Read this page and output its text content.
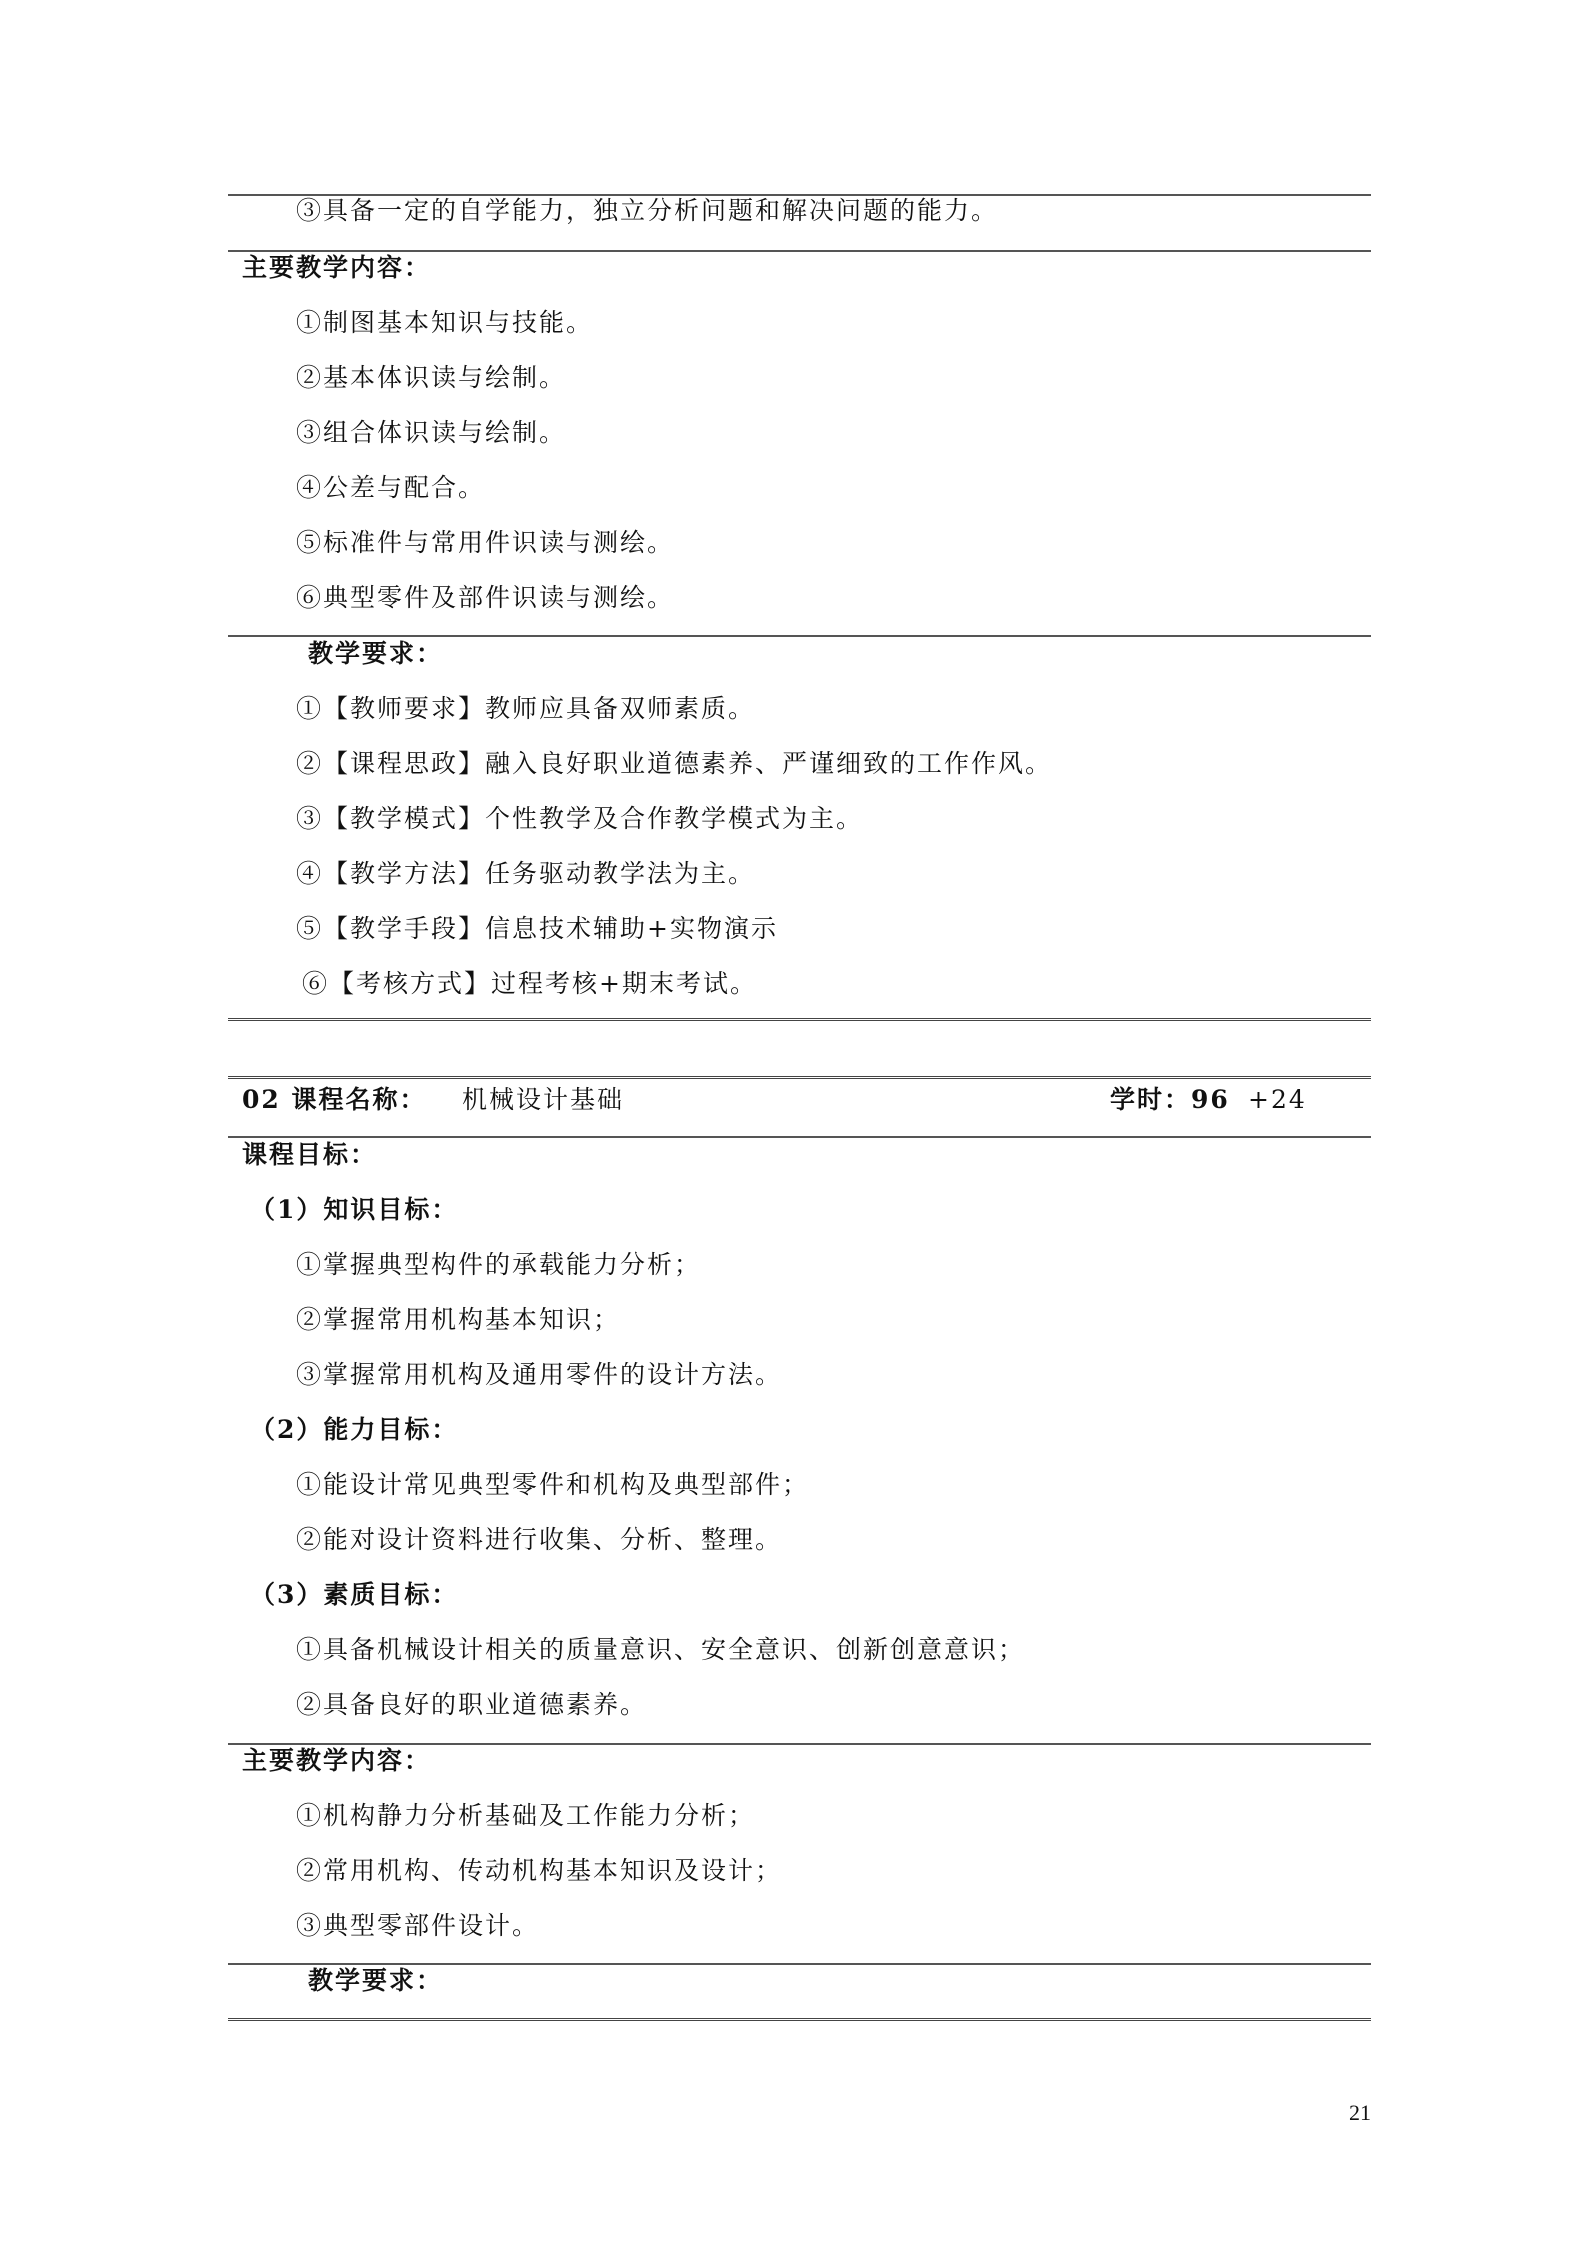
③具备一定的自学能力，独立分析问题和解决问题的能力。
主要教学内容：
①制图基本知识与技能。
②基本体识读与绘制。
③组合体识读与绘制。
④公差与配合。
⑤标准件与常用件识读与测绘。
⑥典型零件及部件识读与测绘。
教学要求：
①【教师要求】教师应具备双师素质。
②【课程思政】融入良好职业道德素养、严谨细致的工作作风。
③【教学模式】个性教学及合作教学模式为主。
④【教学方法】任务驱动教学法为主。
⑤【教学手段】信息技术辅助+实物演示
⑥【考核方式】过程考核+期末考试。
02 课程名称： 机械设计基础	学时：96 +24
课程目标：
（1）知识目标：
①掌握典型构件的承载能力分析；
②掌握常用机构基本知识；
③掌握常用机构及通用零件的设计方法。
（2）能力目标：
①能设计常见典型零件和机构及典型部件；
②能对设计资料进行收集、分析、整理。
（3）素质目标：
①具备机械设计相关的质量意识、安全意识、创新创意意识；
②具备良好的职业道德素养。
主要教学内容：
①机构静力分析基础及工作能力分析；
②常用机构、传动机构基本知识及设计；
③典型零部件设计。
教学要求：
21
